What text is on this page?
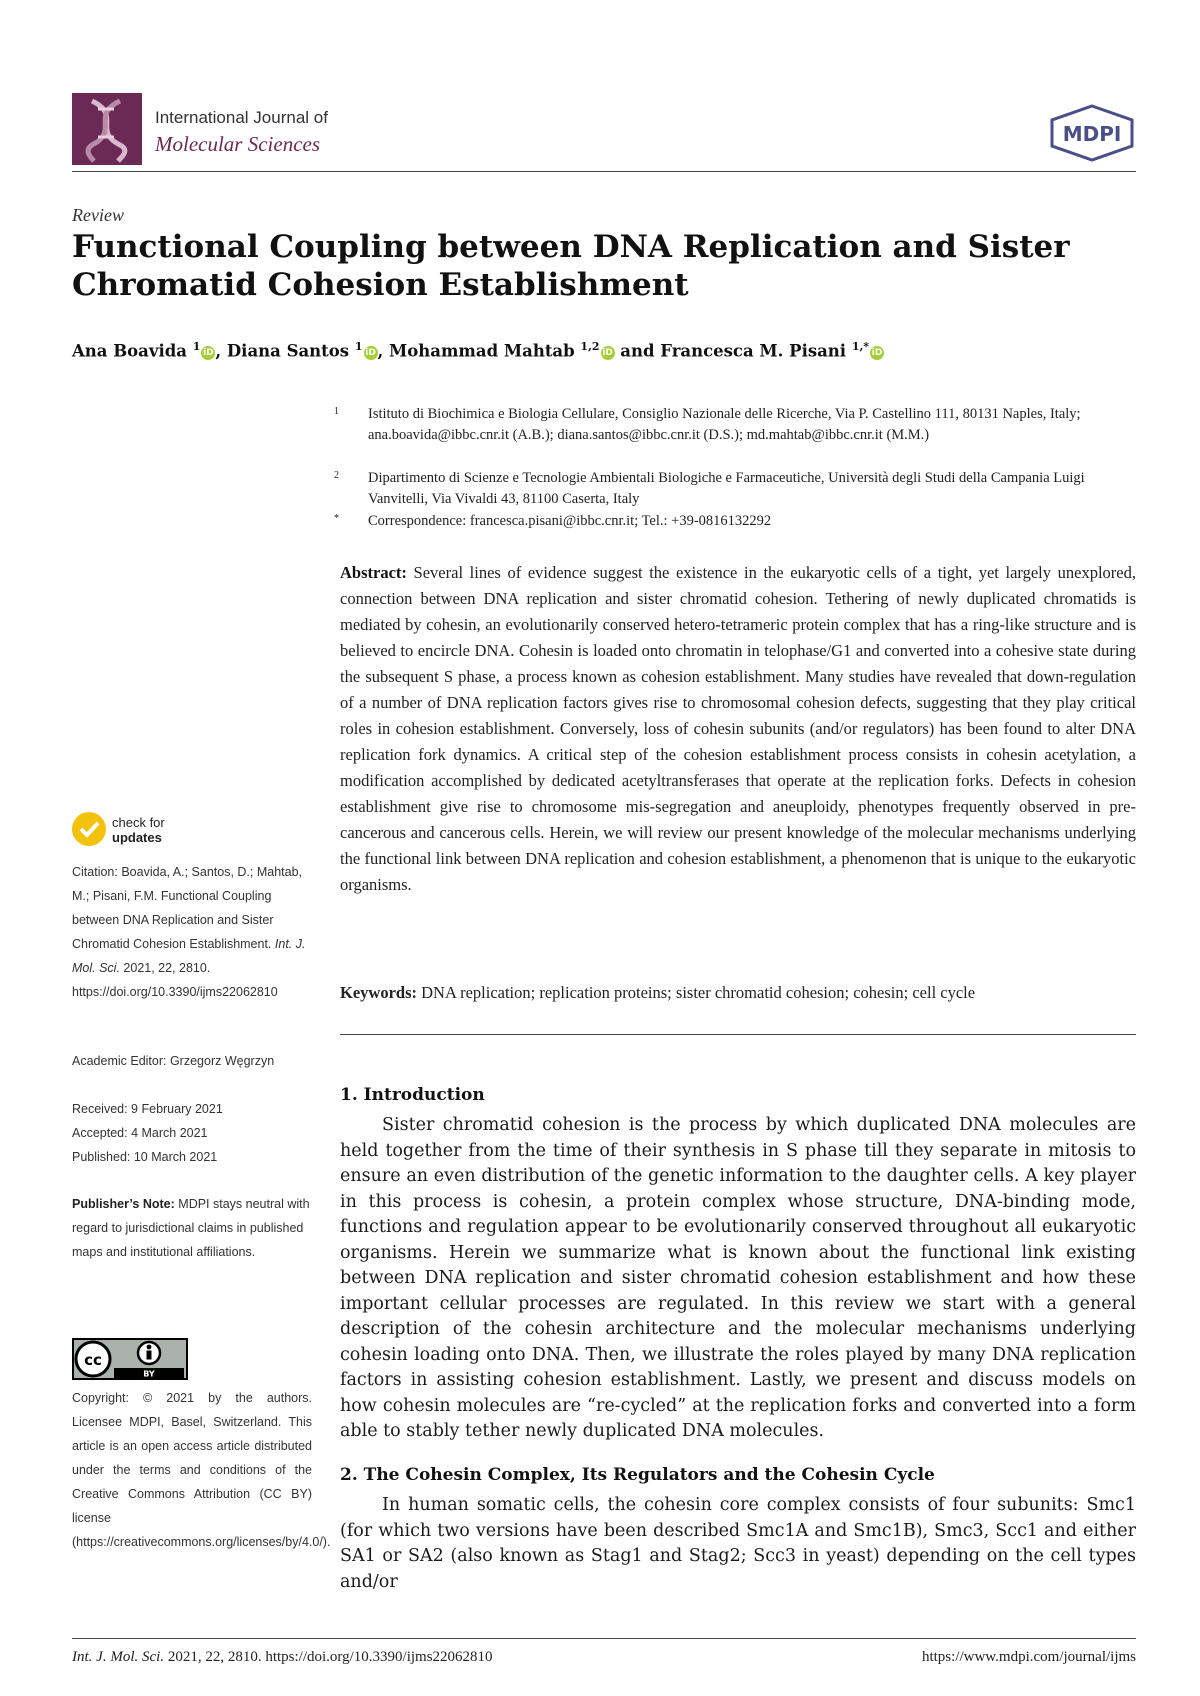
International Journal of
Molecular Sciences	MDPI
Review
Functional Coupling between DNA Replication and Sister Chromatid Cohesion Establishment
Ana Boavida $^1$ iD , Diana Santos $^1$ iD , Mohammad Mahtab $^{1,2}$ iD and Francesca M. Pisani $^{1,*}$ iD
1	Istituto di Biochimica e Biologia Cellulare, Consiglio Nazionale delle Ricerche, Via P. Castellino 111, 80131 Naples, Italy; ana.boavida@ibbc.cnr.it (A.B.); diana.santos@ibbc.cnr.it (D.S.); md.mahtab@ibbc.cnr.it (M.M.)
2	Dipartimento di Scienze e Tecnologie Ambientali Biologiche e Farmaceutiche, Università degli Studi della Campania Luigi Vanvitelli, Via Vivaldi 43, 81100 Caserta, Italy
*	Correspondence: francesca.pisani@ibbc.cnr.it; Tel.: +39-0816132292
Abstract: Several lines of evidence suggest the existence in the eukaryotic cells of a tight, yet largely unexplored, connection between DNA replication and sister chromatid cohesion. Tethering of newly duplicated chromatids is mediated by cohesin, an evolutionarily conserved hetero-tetrameric protein complex that has a ring-like structure and is believed to encircle DNA. Cohesin is loaded onto chromatin in telophase/G1 and converted into a cohesive state during the subsequent S phase, a process known as cohesion establishment. Many studies have revealed that down-regulation of a number of DNA replication factors gives rise to chromosomal cohesion defects, suggesting that they play critical roles in cohesion establishment. Conversely, loss of cohesin subunits (and/or regulators) has been found to alter DNA replication fork dynamics. A critical step of the cohesion establishment process consists in cohesin acetylation, a modification accomplished by dedicated acetyltransferases that operate at the replication forks. Defects in cohesion establishment give rise to chromosome mis-segregation and aneuploidy, phenotypes frequently observed in pre-cancerous and cancerous cells. Herein, we will review our present knowledge of the molecular mechanisms underlying the functional link between DNA replication and cohesion establishment, a phenomenon that is unique to the eukaryotic organisms.
Keywords: DNA replication; replication proteins; sister chromatid cohesion; cohesin; cell cycle
1. Introduction
Sister chromatid cohesion is the process by which duplicated DNA molecules are held together from the time of their synthesis in S phase till they separate in mitosis to ensure an even distribution of the genetic information to the daughter cells. A key player in this process is cohesin, a protein complex whose structure, DNA-binding mode, functions and regulation appear to be evolutionarily conserved throughout all eukaryotic organisms. Herein we summarize what is known about the functional link existing between DNA replication and sister chromatid cohesion establishment and how these important cellular processes are regulated. In this review we start with a general description of the cohesin architecture and the molecular mechanisms underlying cohesin loading onto DNA. Then, we illustrate the roles played by many DNA replication factors in assisting cohesion establishment. Lastly, we present and discuss models on how cohesin molecules are “re-cycled” at the replication forks and converted into a form able to stably tether newly duplicated DNA molecules.
2. The Cohesin Complex, Its Regulators and the Cohesin Cycle
In human somatic cells, the cohesin core complex consists of four subunits: Smc1 (for which two versions have been described Smc1A and Smc1B), Smc3, Scc1 and either SA1 or SA2 (also known as Stag1 and Stag2; Scc3 in yeast) depending on the cell types and/or
check for
updates
Citation: Boavida, A.; Santos, D.; Mahtab, M.; Pisani, F.M. Functional Coupling between DNA Replication and Sister Chromatid Cohesion Establishment. Int. J. Mol. Sci. 2021, 22, 2810. https://doi.org/10.3390/ijms22062810
Academic Editor: Grzegorz Węgrzyn
Received: 9 February 2021
Accepted: 4 March 2021
Published: 10 March 2021
Publisher’s Note: MDPI stays neutral with regard to jurisdictional claims in published maps and institutional affiliations.
cc
BY
Copyright: © 2021 by the authors. Licensee MDPI, Basel, Switzerland. This article is an open access article distributed under the terms and conditions of the Creative Commons Attribution (CC BY) license (https://creativecommons.org/licenses/by/4.0/).
Int. J. Mol. Sci. 2021, 22, 2810. https://doi.org/10.3390/ijms22062810	https://www.mdpi.com/journal/ijms
